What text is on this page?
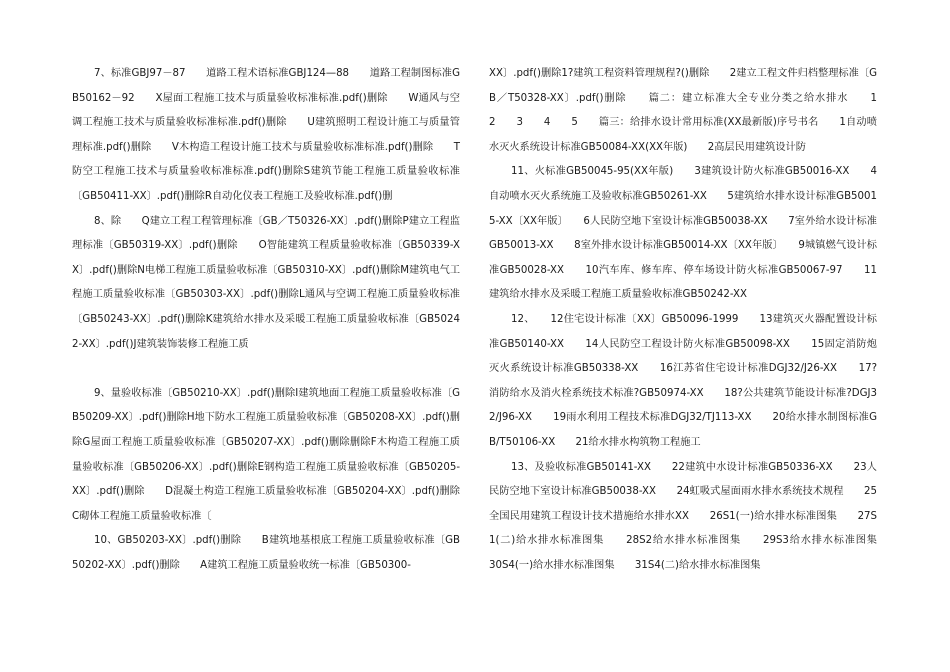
7、标准GBJ97－87　　道路工程术语标准GBJ124—88　　道路工程制图标准GB50162－92　　X屋面工程施工技术与质量验收标准标准.pdf()删除　　W通风与空调工程施工技术与质量验收标准标准.pdf()删除　　U建筑照明工程设计施工与质量管理标准.pdf()删除　　V木构造工程设计施工技术与质量验收标准标准.pdf()删除　　T防空工程施工技术与质量验收标准标准.pdf()删除S建筑节能工程施工质量验收标准〔GB50411-XX〕.pdf()删除R自动化仪表工程施工及验收标准.pdf()删

8、除　　Q建立工程工程管理标准〔GB／T50326-XX〕.pdf()删除P建立工程监理标准〔GB50319-XX〕.pdf()删除　　O智能建筑工程质量验收标准〔GB50339-XX〕.pdf()删除N电梯工程施工质量验收标准〔GB50310-XX〕.pdf()删除M建筑电气工程施工质量验收标准〔GB50303-XX〕.pdf()删除L通风与空调工程施工质量验收标准〔GB50243-XX〕.pdf()删除K建筑给水排水及采暖工程施工质量验收标准〔GB50242-XX〕.pdf()J建筑装饰装修工程施工质

9、量验收标准〔GB50210-XX〕.pdf()删除I建筑地面工程施工质量验收标准〔GB50209-XX〕.pdf()删除H地下防水工程施工质量验收标准〔GB50208-XX〕.pdf()删除G屋面工程施工质量验收标准〔GB50207-XX〕.pdf()删除删除F木构造工程施工质量验收标准〔GB50206-XX〕.pdf()删除E钢构造工程施工质量验收标准〔GB50205-XX〕.pdf()删除　　D混凝土构造工程施工质量验收标准〔GB50204-XX〕.pdf()删除　　C砌体工程施工质量验收标准〔

10、GB50203-XX〕.pdf()删除　　B建筑地基根底工程施工质量验收标准〔GB50202-XX〕.pdf()删除　　A建筑工程施工质量验收统一标准〔GB50300-

XX〕.pdf()删除1?建筑工程资料管理规程?()删除　　2建立工程文件归档整理标准〔GB／T50328-XX〕.pdf()删除　　篇二：建立标准大全专业分类之给水排水　　1　　2　　3　　4　　5　　篇三：给排水设计常用标准(XX最新版)序号书名　　1自动喷水灭火系统设计标准GB50084-XX(XX年版)　　2高层民用建筑设计防

11、火标准GB50045-95(XX年版)　　3建筑设计防火标准GB50016-XX　　4自动喷水灭火系统施工及验收标准GB50261-XX　　5建筑给水排水设计标准GB50015-XX〔XX年版〕　　6人民防空地下室设计标准GB50038-XX　　7室外给水设计标准GB50013-XX　　8室外排水设计标准GB50014-XX〔XX年版〕　　9城镇燃气设计标准GB50028-XX　　10汽车库、修车库、停车场设计防火标准GB50067-97　　11建筑给水排水及采暖工程施工质量验收标准GB50242-XX

12、　　12住宅设计标准〔XX〕GB50096-1999　　13建筑灭火器配置设计标准GB50140-XX　　14人民防空工程设计防火标准GB50098-XX　　15固定消防炮灭火系统设计标准GB50338-XX　　16江苏省住宅设计标准DGJ32/J26-XX　　17?消防给水及消火栓系统技术标准?GB50974-XX　　18?公共建筑节能设计标准?DGJ32/J96-XX　　19雨水利用工程技术标准DGJ32/TJ113-XX　　20给水排水制图标准GB/T50106-XX　　21给水排水构筑物工程施工

13、及验收标准GB50141-XX　　22建筑中水设计标准GB50336-XX　　23人民防空地下室设计标准GB50038-XX　　24虹吸式屋面雨水排水系统技术规程　　25全国民用建筑工程设计技术措施给水排水XX　　26S1(一)给水排水标准图集　　27S1(二)给水排水标准图集　　28S2给水排水标准图集　　29S3给水排水标准图集　　30S4(一)给水排水标准图集　　31S4(二)给水排水标准图集
